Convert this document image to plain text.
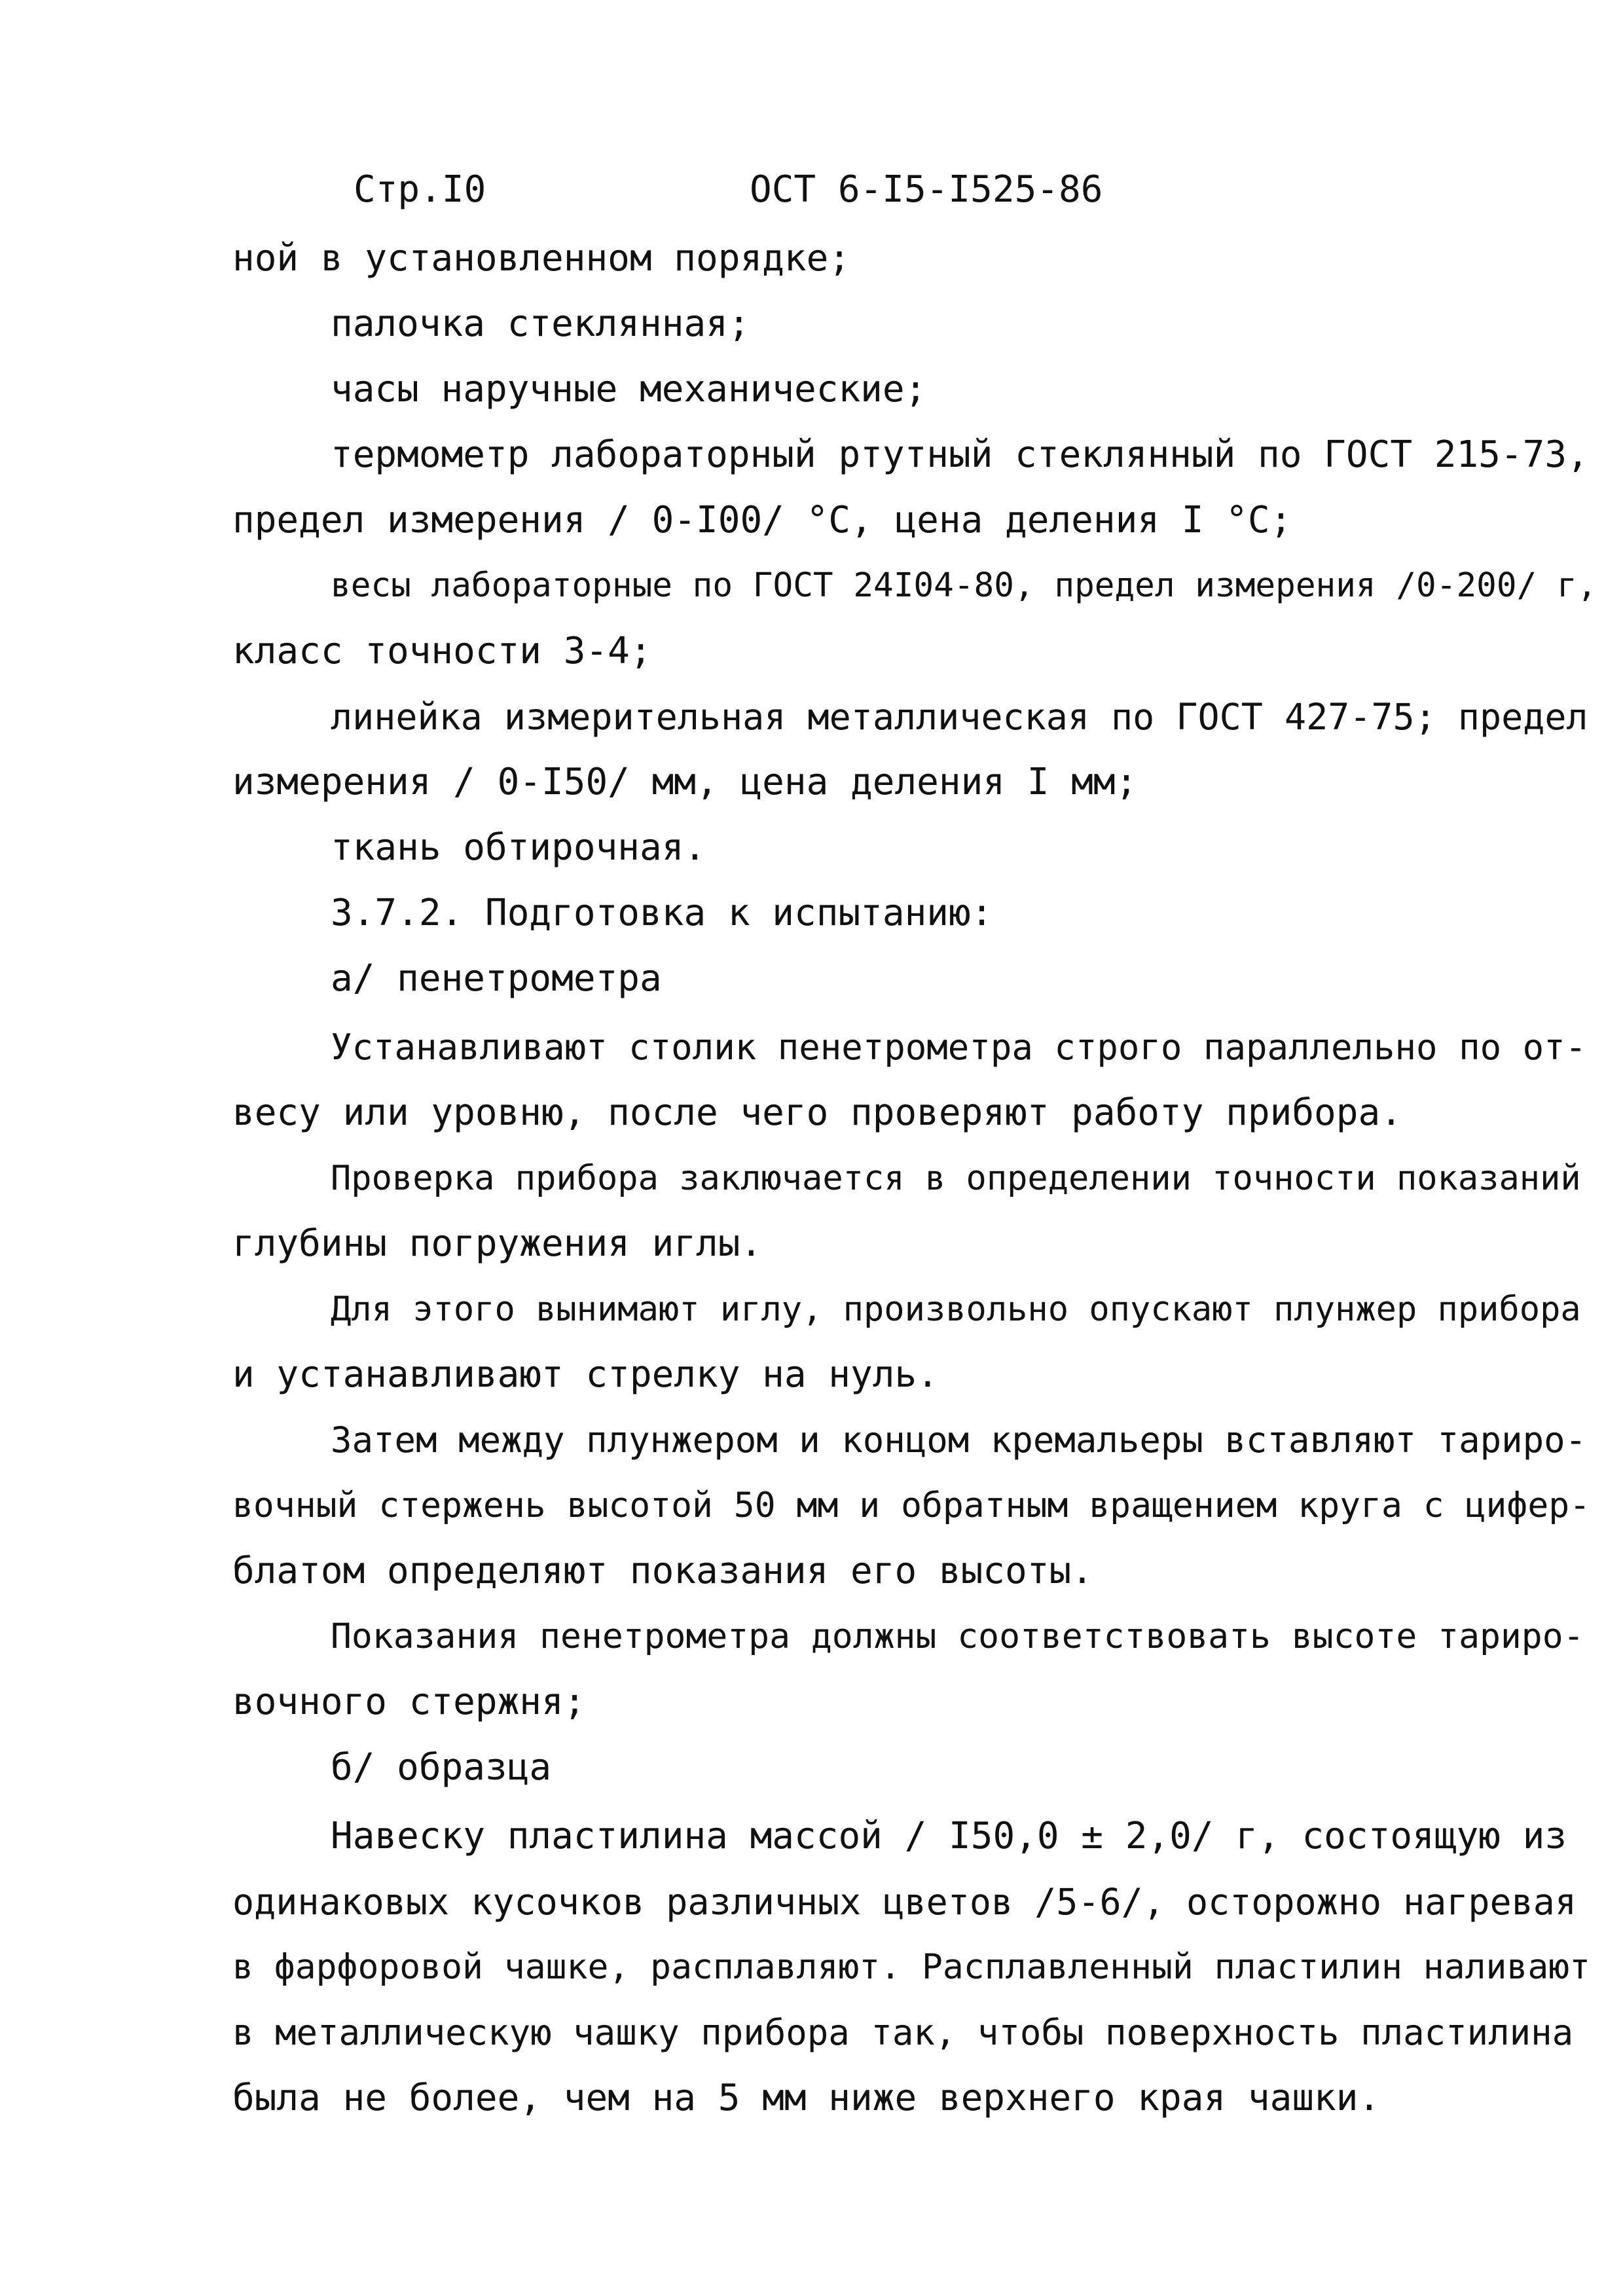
Стр.I0	ОСТ 6-I5-I525-86
ной в установленном порядке;
палочка стеклянная;
часы наручные механические;
термометр лабораторный ртутный стеклянный по ГОСТ 215-73,
предел измерения / 0-I00/ °С, цена деления I °С;
весы лабораторные по ГОСТ 24I04-80, предел измерения /0-200/ г,
класс точности 3-4;
линейка измерительная металлическая по ГОСТ 427-75; предел
измерения / 0-I50/ мм, цена деления I мм;
ткань обтирочная.
3.7.2. Подготовка к испытанию:
а/ пенетрометра
Устанавливают столик пенетрометра строго параллельно по от-
весу или уровню, после чего проверяют работу прибора.
Проверка прибора заключается в определении точности показаний
глубины погружения иглы.
Для этого вынимают иглу, произвольно опускают плунжер прибора
и устанавливают стрелку на нуль.
Затем между плунжером и концом кремальеры вставляют тариро-
вочный стержень высотой 50 мм и обратным вращением круга с цифер-
блатом определяют показания его высоты.
Показания пенетрометра должны соответствовать высоте тариро-
вочного стержня;
б/ образца
Навеску пластилина массой / I50,0 ± 2,0/ г, состоящую из
одинаковых кусочков различных цветов /5-6/, осторожно нагревая
в фарфоровой чашке, расплавляют. Расплавленный пластилин наливают
в металлическую чашку прибора так, чтобы поверхность пластилина
была не более, чем на 5 мм ниже верхнего края чашки.
